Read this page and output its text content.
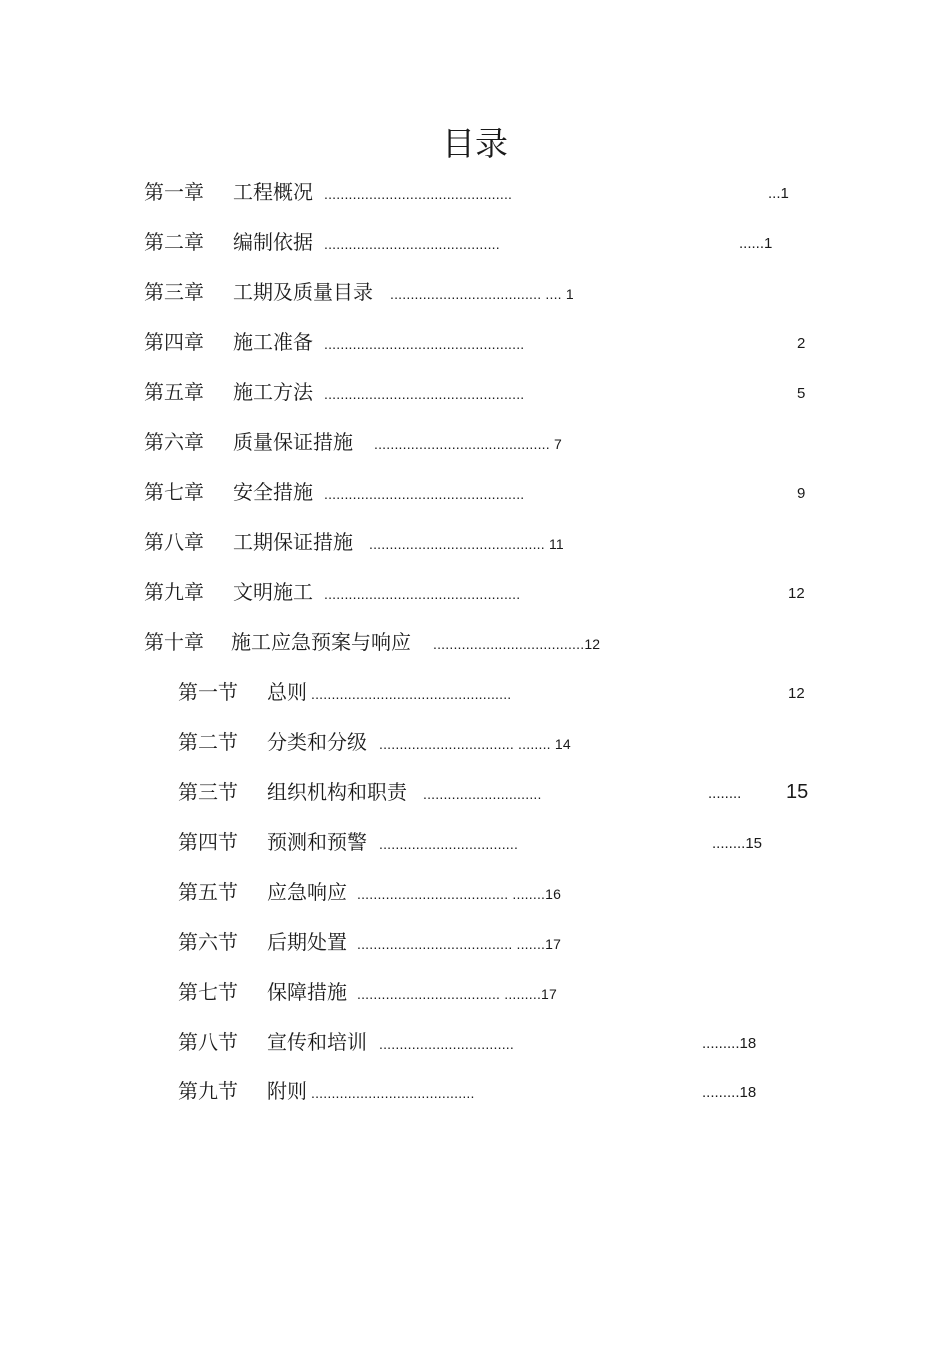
目录
第一章 工程概况 ..............................................	...1
第二章 编制依据 ...........................................	......1
第三章 工期及质量目录 ..................................... .... 1
第四章 施工准备 .................................................	2
第五章 施工方法 .................................................	5
第六章 质量保证措施 ........................................... 7
第七章 安全措施 .................................................	9
第八章 工期保证措施 ........................................... 11
第九章 文明施工 ................................................	12
第十章 施工应急预案与响应 .....................................12
第一节 总则 .................................................	12
第二节 分类和分级 ................................. ........ 14
第三节 组织机构和职责 .............................	........ 15
第四节 预测和预警 ..................................	........15
第五节 应急响应 ..................................... ........16
第六节 后期处置 ...................................... .......17
第七节 保障措施 ................................... .........17
第八节 宣传和培训 .................................	.........18
第九节 附则 ........................................	.........18
